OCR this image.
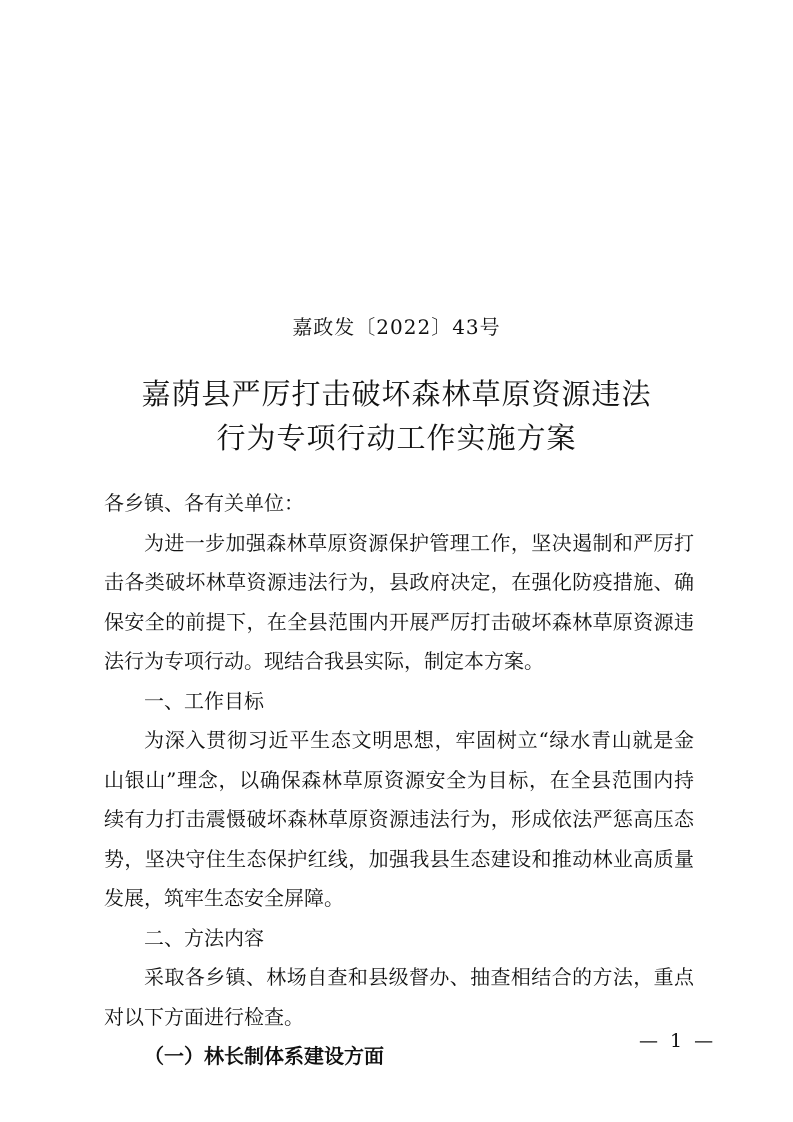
嘉政发〔2022〕43号
嘉荫县严厉打击破坏森林草原资源违法
行为专项行动工作实施方案

各乡镇、各有关单位：

为进一步加强森林草原资源保护管理工作，坚决遏制和严厉打击各类破坏林草资源违法行为，县政府决定，在强化防疫措施、确保安全的前提下，在全县范围内开展严厉打击破坏森林草原资源违法行为专项行动。现结合我县实际，制定本方案。

一、工作目标

为深入贯彻习近平生态文明思想，牢固树立“绿水青山就是金山银山”理念，以确保森林草原资源安全为目标，在全县范围内持续有力打击震慑破坏森林草原资源违法行为，形成依法严惩高压态势，坚决守住生态保护红线，加强我县生态建设和推动林业高质量发展，筑牢生态安全屏障。

二、方法内容

采取各乡镇、林场自查和县级督办、抽查相结合的方法，重点对以下方面进行检查。

（一）林长制体系建设方面

— 1 —
